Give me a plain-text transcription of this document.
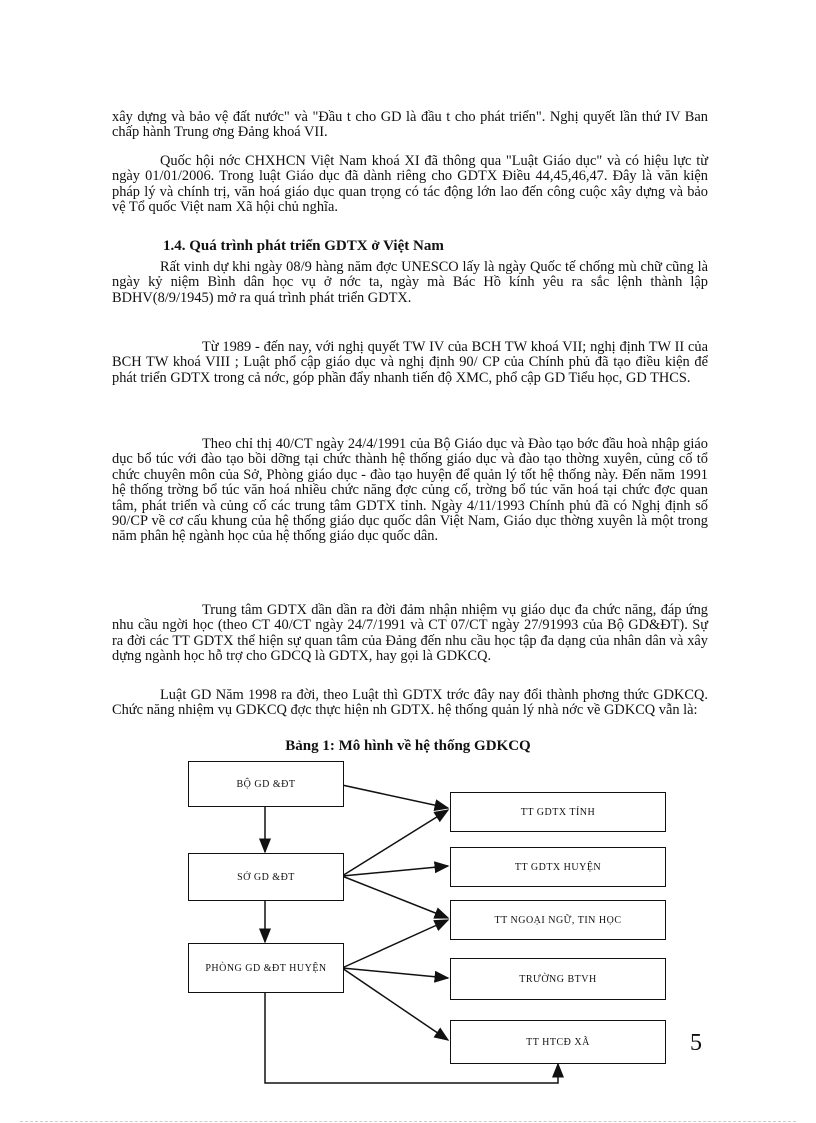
xây dựng và bảo vệ đất nước" và "Đầu t cho GD là đầu t cho phát triển". Nghị quyết lần thứ IV Ban chấp hành Trung ơng Đảng khoá VII.
Quốc hội nớc CHXHCN Việt Nam khoá XI đã thông qua "Luật Giáo dục" và có hiệu lực từ ngày 01/01/2006. Trong luật Giáo dục đã dành riêng cho GDTX Điều 44,45,46,47. Đây là văn kiện pháp lý và chính trị, văn hoá giáo dục quan trọng có tác động lớn lao đến công cuộc xây dựng và bảo vệ Tổ quốc Việt nam Xã hội chủ nghĩa.
1.4. Quá trình phát triển GDTX ở Việt Nam
Rất vinh dự khi ngày 08/9 hàng năm đợc UNESCO lấy là ngày Quốc tế chống mù chữ cũng là ngày kỷ niệm Bình dân học vụ ở nớc ta, ngày mà Bác Hồ kính yêu ra sắc lệnh thành lập BDHV(8/9/1945) mở ra quá trình phát triển GDTX.
Từ 1989 - đến nay, với nghị quyết TW IV của BCH TW khoá VII; nghị định TW II của BCH TW khoá VIII ; Luật phổ cập giáo dục và nghị định 90/ CP của Chính phủ đã tạo điều kiện để phát triển GDTX trong cả nớc, góp phần đẩy nhanh tiến độ XMC, phổ cập GD Tiểu học, GD THCS.
Theo chỉ thị 40/CT ngày 24/4/1991 của Bộ Giáo dục và Đào tạo bớc đầu hoà nhập giáo dục bổ túc với đào tạo bồi dỡng tại chức thành hệ thống giáo dục và đào tạo thờng xuyên, củng cố tổ chức chuyên môn của Sở, Phòng giáo dục - đào tạo huyện để quản lý tốt hệ thống này. Đến năm 1991 hệ thống trờng bổ túc văn hoá nhiều chức năng đợc củng cố, trờng bổ túc văn hoá tại chức đợc quan tâm, phát triển và củng cố các trung tâm GDTX tỉnh. Ngày 4/11/1993 Chính phủ đã có Nghị định số 90/CP về cơ cấu khung của hệ thống giáo dục quốc dân Việt Nam, Giáo dục thờng xuyên là một trong năm phân hệ ngành học của hệ thống giáo dục quốc dân.
Trung tâm GDTX dần dần ra đời đảm nhận nhiệm vụ giáo dục đa chức năng, đáp ứng nhu cầu ngời học (theo CT 40/CT ngày 24/7/1991 và CT 07/CT ngày 27/91993 của Bộ GD&ĐT). Sự ra đời các TT GDTX thể hiện sự quan tâm của Đảng đến nhu cầu học tập đa dạng của nhân dân và xây dựng ngành học hỗ trợ cho GDCQ là GDTX, hay gọi là GDKCQ.
Luật GD Năm 1998 ra đời, theo Luật thì GDTX trớc đây nay đổi thành phơng thức GDKCQ. Chức năng nhiệm vụ GDKCQ đợc thực hiện nh GDTX. hệ thống quản lý nhà nớc về GDKCQ vẫn là:
Bảng 1: Mô hình về hệ thống GDKCQ
BỘ GD &ĐT
SỞ GD &ĐT
PHÒNG GD &ĐT HUYỆN
TT GDTX TỈNH
TT GDTX HUYỆN
TT NGOẠI NGỮ, TIN HỌC
TRƯỜNG BTVH
TT HTCĐ XÃ	5
